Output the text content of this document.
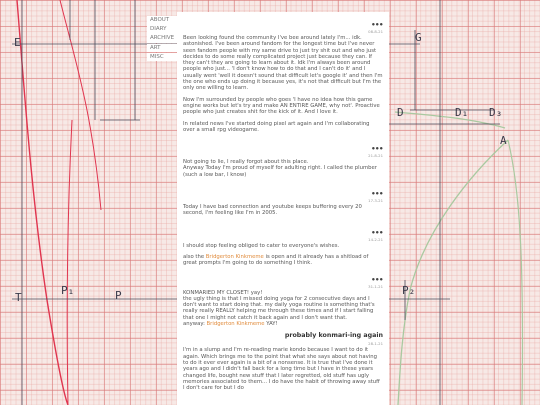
E	G
D	D₁ D₃
A
P₂
T
P₁	P
ABOUT
DIARY
ARCHIVE
ART
MISC
•••
08-8-21

Been looking found the community I've bee around lately I'm... idk. astonished. I've been around fandom for the longest time but I've never seen fandom people with my same drive to just try shit out and who just decides to do some really complicated project just because they can. If they can't they are going to learn about it. Idk I'm always been around people who just... 'I don't know how to do that and I can't do it' and I usually went 'well it doesn't sound that difficult let's google it' and then I'm the one who ends up doing it because yes, it's not that difficult but I'm the only one willing to learn.

Now I'm surrounded by people who goes 'I have no idea how this game engine works but let's try and make AN ENTIRE GAME, why not'. Proactive people who just creates shit for the kick of it. And I love it.

In related news I've started doing pixel art again and I'm collaborating over a small rpg videogame.

•••
21-8-21

Not going to lie, I really forgot about this place.
Anyway Today I'm proud of myself for adulting right. I called the plumber (such a low bar, I know)

•••
17-3-21

Today I have bad connection and youtube keeps buffering every 20 second, I'm feeling like I'm in 2005.

•••
14-2-21

I should stop feeling obliged to cater to everyone's wishes.

also the Bridgerton Kinkmeme is open and it already has a shitload of great prompts I'm going to do something I think.

•••
31-1-21

KONMARIED MY CLOSET! yay!
the ugly thing is that I missed doing yoga for 2 consecutive days and I don't want to start doing that. my daily yoga routine is something that's really really REALLY helping me through these times and if I start falling that one I might not catch it back again and I don't want that.
anyway: Bridgerton Kinkmeme YAY!

probably konmari-ing again
28-1-21

I'm in a slump and I'm re-reading marie kondo because I want to do it again. Which brings me to the point that what she says about not having to do it ever ever again is a bit of a nonsense. It is true that I've done it years ago and I didn't fall back for a long time but I have in these years changed life, bought new stuff that I later regretted, old stuff has ugly memories associated to them... I do have the habit of throwing away stuff I don't care for but I do
